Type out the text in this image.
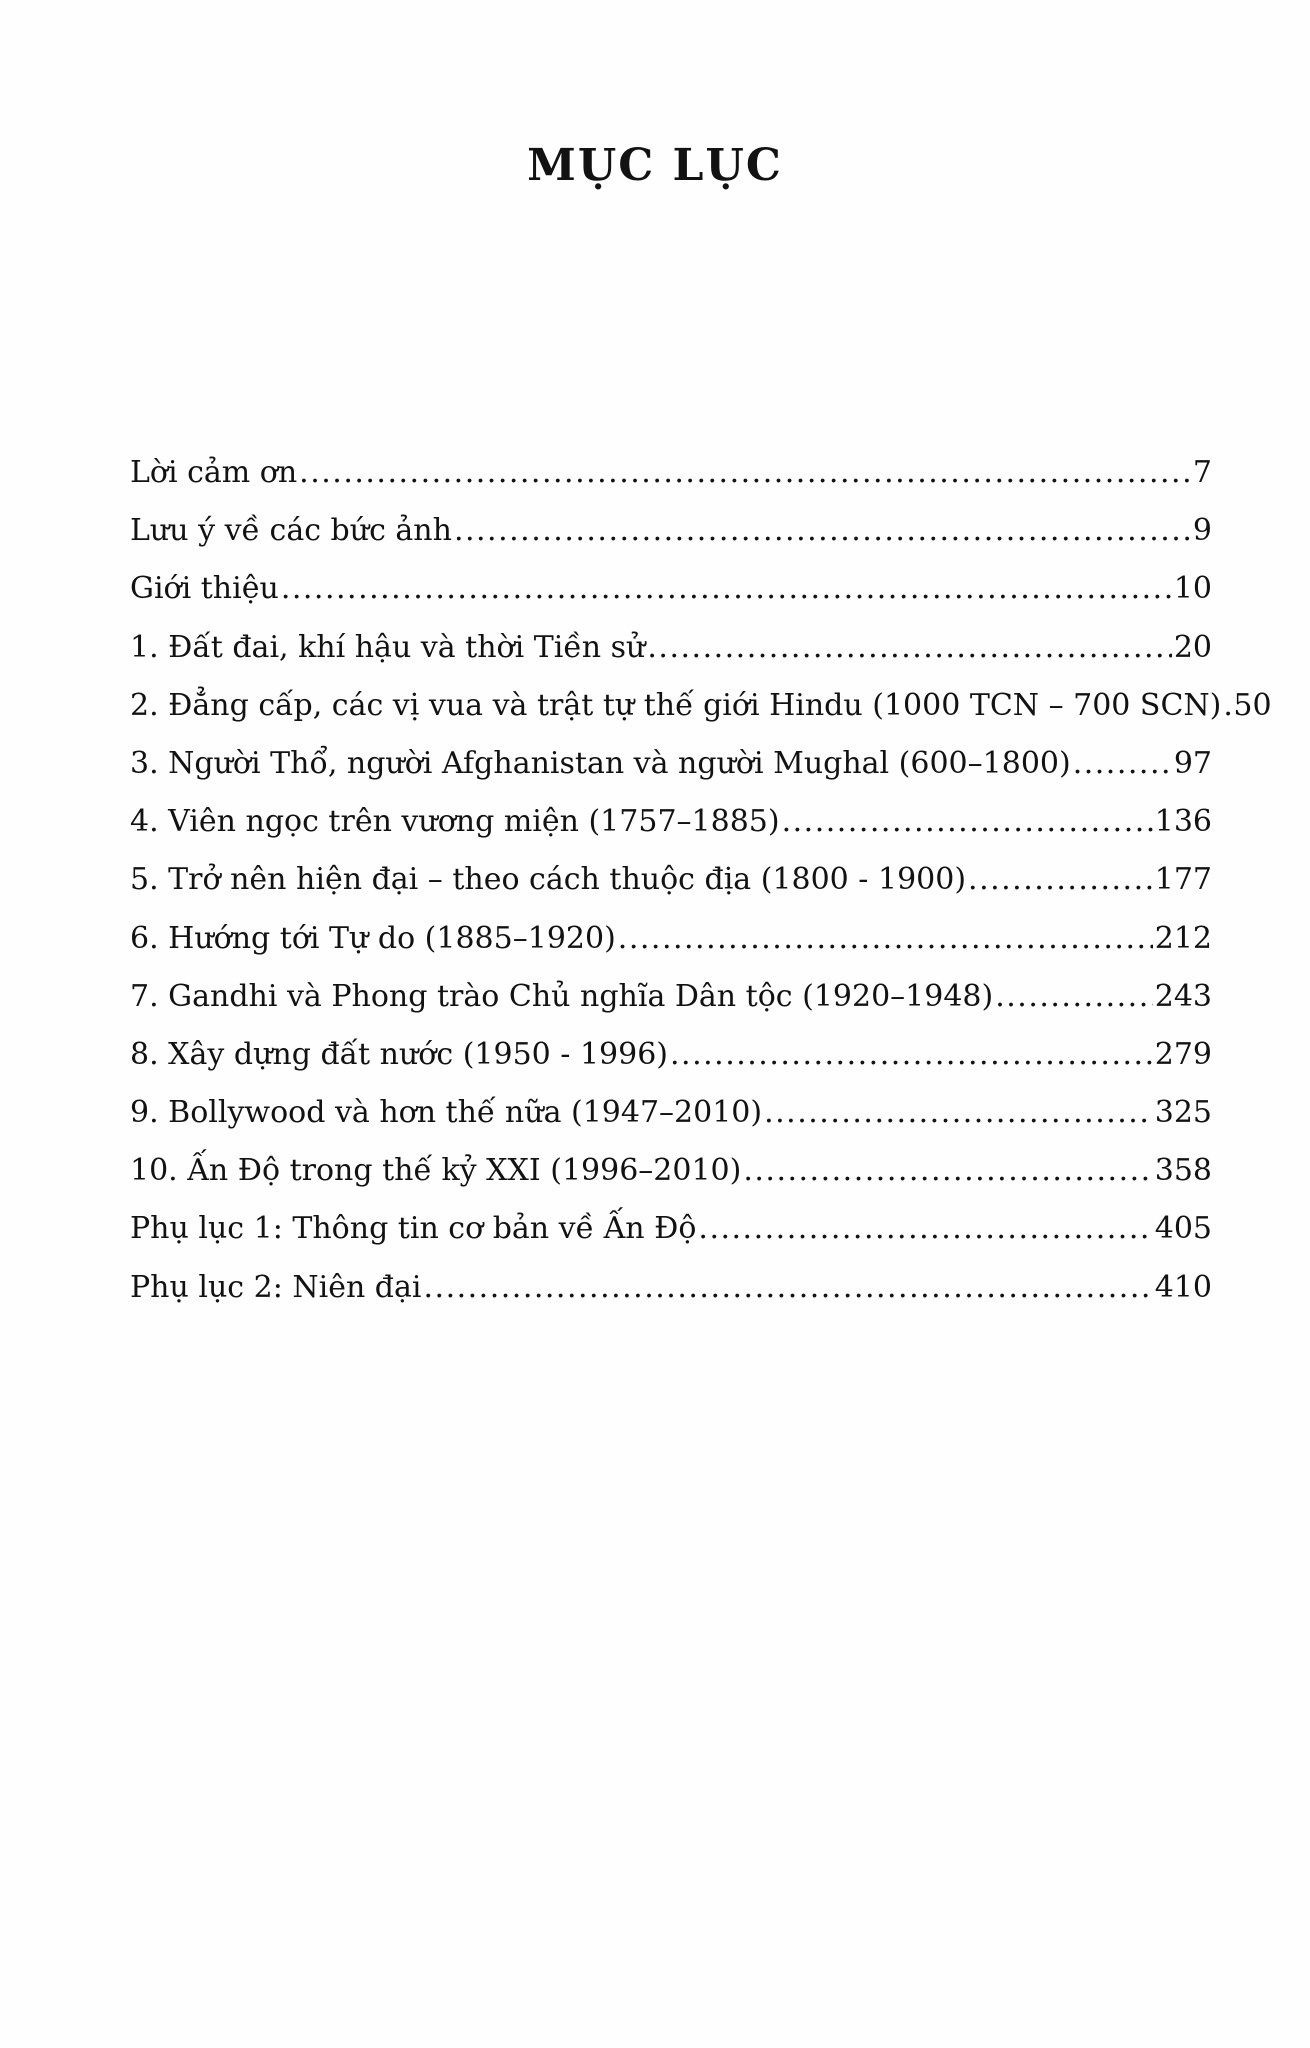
MỤC LỤC
Lời cảm ơn .....	7
Lưu ý về các bức ảnh .....	9
Giới thiệu .....	10
1. Đất đai, khí hậu và thời Tiền sử .....	20
2. Đẳng cấp, các vị vua và trật tự thế giới Hindu (1000 TCN – 700 SCN) ..... 50
3. Người Thổ, người Afghanistan và người Mughal (600–1800) .....	97
4. Viên ngọc trên vương miện (1757–1885) .....	136
5. Trở nên hiện đại – theo cách thuộc địa (1800 - 1900) .....	177
6. Hướng tới Tự do (1885–1920) .....	212
7. Gandhi và Phong trào Chủ nghĩa Dân tộc (1920–1948) .....	243
8. Xây dựng đất nước (1950 - 1996) .....	279
9. Bollywood và hơn thế nữa (1947–2010) .....	325
10. Ấn Độ trong thế kỷ XXI (1996–2010) .....	358
Phụ lục 1: Thông tin cơ bản về Ấn Độ .....	405
Phụ lục 2: Niên đại .....	410
